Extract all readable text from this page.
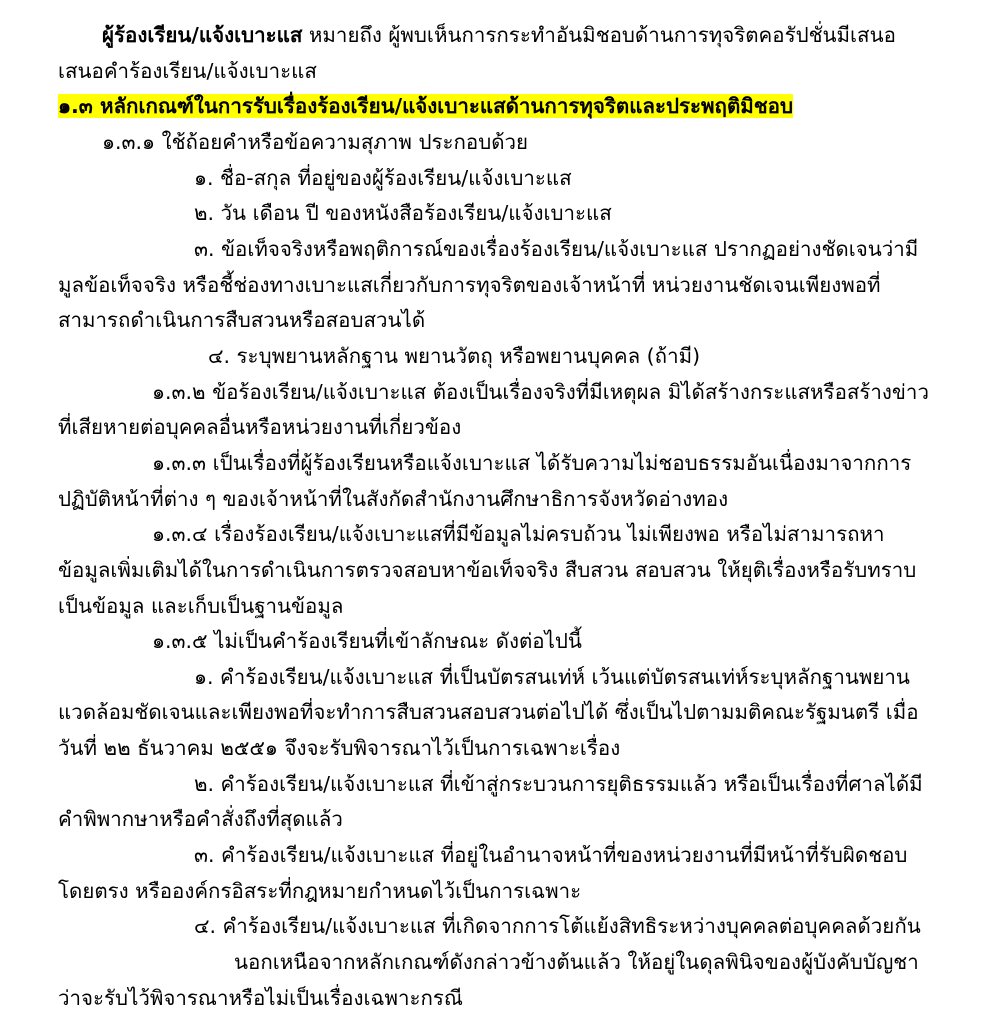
ผู้ร้องเรียน/แจ้งเบาะแส หมายถึง ผู้พบเห็นการกระทำอันมิชอบด้านการทุจริตคอรัปชั่นมีเสนอเสนอคำร้องเรียน/แจ้งเบาะแส

๑.๓ หลักเกณฑ์ในการรับเรื่องร้องเรียน/แจ้งเบาะแสด้านการทุจริตและประพฤติมิชอบ

๑.๓.๑ ใช้ถ้อยคำหรือข้อความสุภาพ ประกอบด้วย

๑. ชื่อ-สกุล ที่อยู่ของผู้ร้องเรียน/แจ้งเบาะแส

๒. วัน เดือน ปี ของหนังสือร้องเรียน/แจ้งเบาะแส

๓. ข้อเท็จจริงหรือพฤติการณ์ของเรื่องร้องเรียน/แจ้งเบาะแส ปรากฏอย่างชัดเจนว่ามีมูลข้อเท็จจริง หรือชี้ช่องทางเบาะแสเกี่ยวกับการทุจริตของเจ้าหน้าที่ หน่วยงานชัดเจนเพียงพอที่สามารถดำเนินการสืบสวนหรือสอบสวนได้

๔. ระบุพยานหลักฐาน พยานวัตถุ หรือพยานบุคคล (ถ้ามี)

๑.๓.๒ ข้อร้องเรียน/แจ้งเบาะแส ต้องเป็นเรื่องจริงที่มีเหตุผล มิได้สร้างกระแสหรือสร้างข่าวที่เสียหายต่อบุคคลอื่นหรือหน่วยงานที่เกี่ยวข้อง

๑.๓.๓ เป็นเรื่องที่ผู้ร้องเรียนหรือแจ้งเบาะแส ได้รับความไม่ชอบธรรมอันเนื่องมาจากการปฏิบัติหน้าที่ต่าง ๆ ของเจ้าหน้าที่ในสังกัดสำนักงานศึกษาธิการจังหวัดอ่างทอง

๑.๓.๔ เรื่องร้องเรียน/แจ้งเบาะแสที่มีข้อมูลไม่ครบถ้วน ไม่เพียงพอ หรือไม่สามารถหาข้อมูลเพิ่มเติมได้ในการดำเนินการตรวจสอบหาข้อเท็จจริง สืบสวน สอบสวน ให้ยุติเรื่องหรือรับทราบเป็นข้อมูล และเก็บเป็นฐานข้อมูล

๑.๓.๕ ไม่เป็นคำร้องเรียนที่เข้าลักษณะ ดังต่อไปนี้

๑. คำร้องเรียน/แจ้งเบาะแส ที่เป็นบัตรสนเท่ห์ เว้นแต่บัตรสนเท่ห์ระบุหลักฐานพยานแวดล้อมชัดเจนและเพียงพอที่จะทำการสืบสวนสอบสวนต่อไปได้ ซึ่งเป็นไปตามมติคณะรัฐมนตรี เมื่อวันที่ ๒๒ ธันวาคม ๒๕๕๑ จึงจะรับพิจารณาไว้เป็นการเฉพาะเรื่อง

๒. คำร้องเรียน/แจ้งเบาะแส ที่เข้าสู่กระบวนการยุติธรรมแล้ว หรือเป็นเรื่องที่ศาลได้มีคำพิพากษาหรือคำสั่งถึงที่สุดแล้ว

๓. คำร้องเรียน/แจ้งเบาะแส ที่อยู่ในอำนาจหน้าที่ของหน่วยงานที่มีหน้าที่รับผิดชอบโดยตรง หรือองค์กรอิสระที่กฎหมายกำหนดไว้เป็นการเฉพาะ

๔. คำร้องเรียน/แจ้งเบาะแส ที่เกิดจากการโต้แย้งสิทธิระหว่างบุคคลต่อบุคคลด้วยกัน

นอกเหนือจากหลักเกณฑ์ดังกล่าวข้างต้นแล้ว ให้อยู่ในดุลพินิจของผู้บังคับบัญชาว่าจะรับไว้พิจารณาหรือไม่เป็นเรื่องเฉพาะกรณี
